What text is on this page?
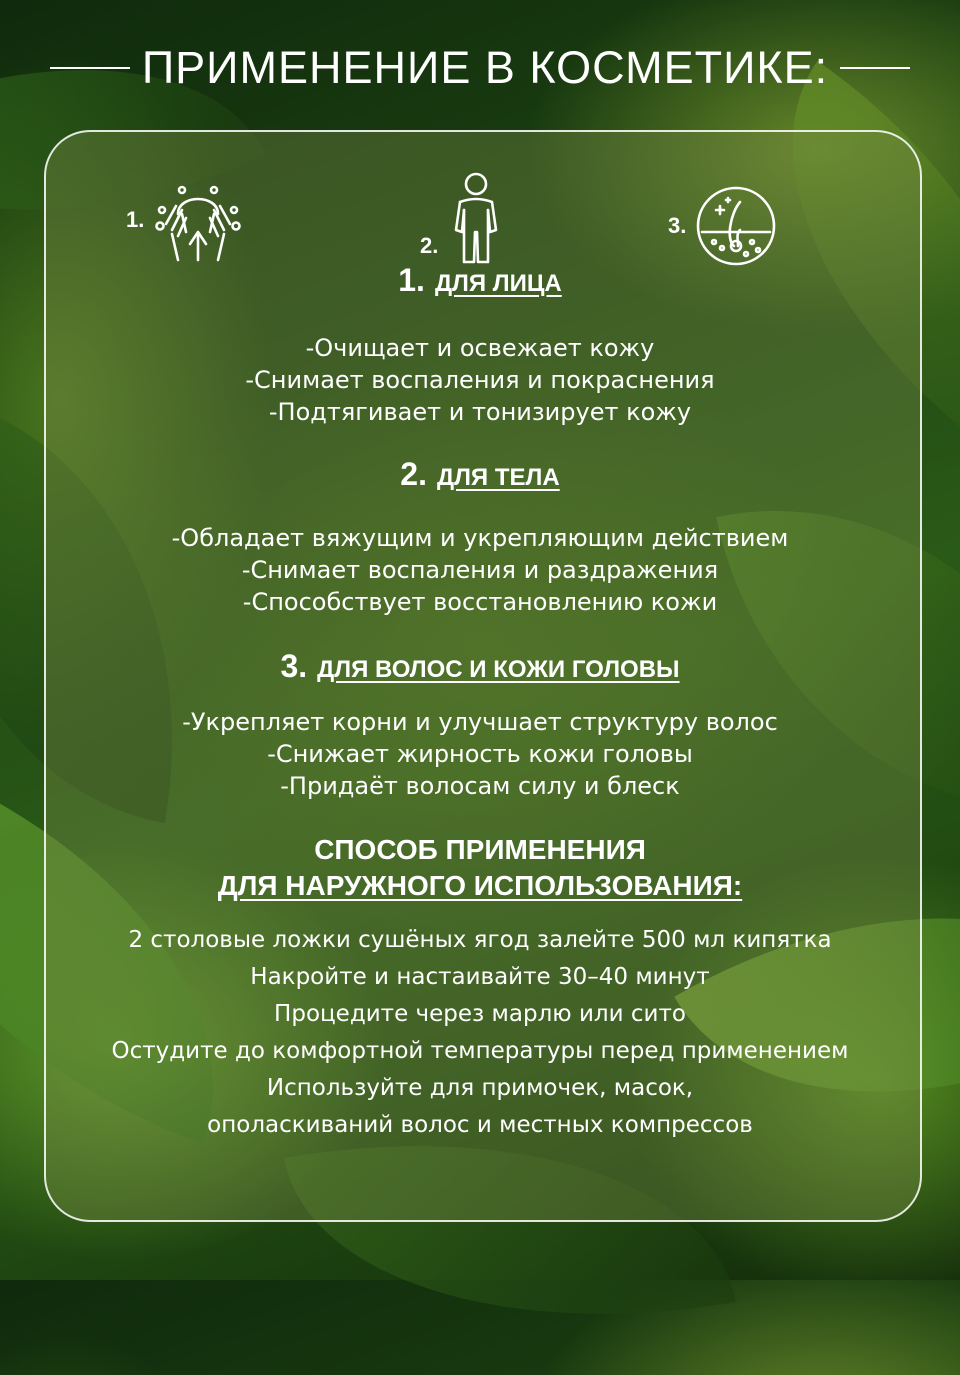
ПРИМЕНЕНИЕ В КОСМЕТИКЕ:
1.
2.
3.
1. ДЛЯ ЛИЦА
-Очищает и освежает кожу
-Снимает воспаления и покраснения
-Подтягивает и тонизирует кожу
2. ДЛЯ ТЕЛА
-Обладает вяжущим и укрепляющим действием
-Снимает воспаления и раздражения
-Способствует восстановлению кожи
3. ДЛЯ ВОЛОС И КОЖИ ГОЛОВЫ
-Укрепляет корни и улучшает структуру волос
-Снижает жирность кожи головы
-Придаёт волосам силу и блеск
СПОСОБ ПРИМЕНЕНИЯ
ДЛЯ НАРУЖНОГО ИСПОЛЬЗОВАНИЯ:
2 столовые ложки сушёных ягод залейте 500 мл кипятка
Накройте и настаивайте 30–40 минут
Процедите через марлю или сито
Остудите до комфортной температуры перед применением
Используйте для примочек, масок,
ополаскиваний волос и местных компрессов
